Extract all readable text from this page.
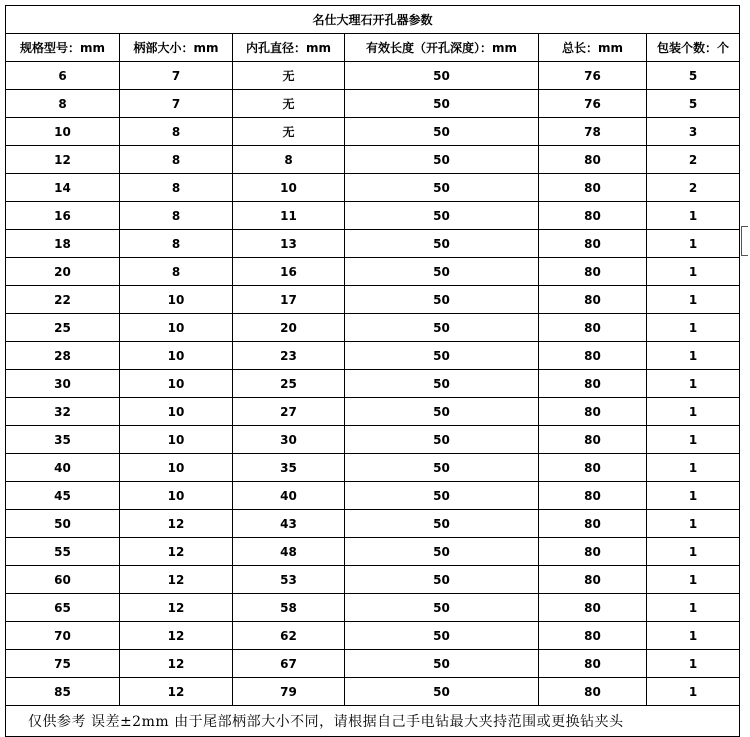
名仕大理石开孔器参数					
规格型号：mm	柄部大小：mm	内孔直径：mm	有效长度（开孔深度）：mm	总长：mm	包装个数：个
6	7	无	50	76	5
8	7	无	50	76	5
10	8	无	50	78	3
12	8	8	50	80	2
14	8	10	50	80	2
16	8	11	50	80	1
18	8	13	50	80	1
20	8	16	50	80	1
22	10	17	50	80	1
25	10	20	50	80	1
28	10	23	50	80	1
30	10	25	50	80	1
32	10	27	50	80	1
35	10	30	50	80	1
40	10	35	50	80	1
45	10	40	50	80	1
50	12	43	50	80	1
55	12	48	50	80	1
60	12	53	50	80	1
65	12	58	50	80	1
70	12	62	50	80	1
75	12	67	50	80	1
85	12	79	50	80	1
仅供参考 误差±2mm 由于尾部柄部大小不同，请根据自己手电钻最大夹持范围或更换钻夹头					
